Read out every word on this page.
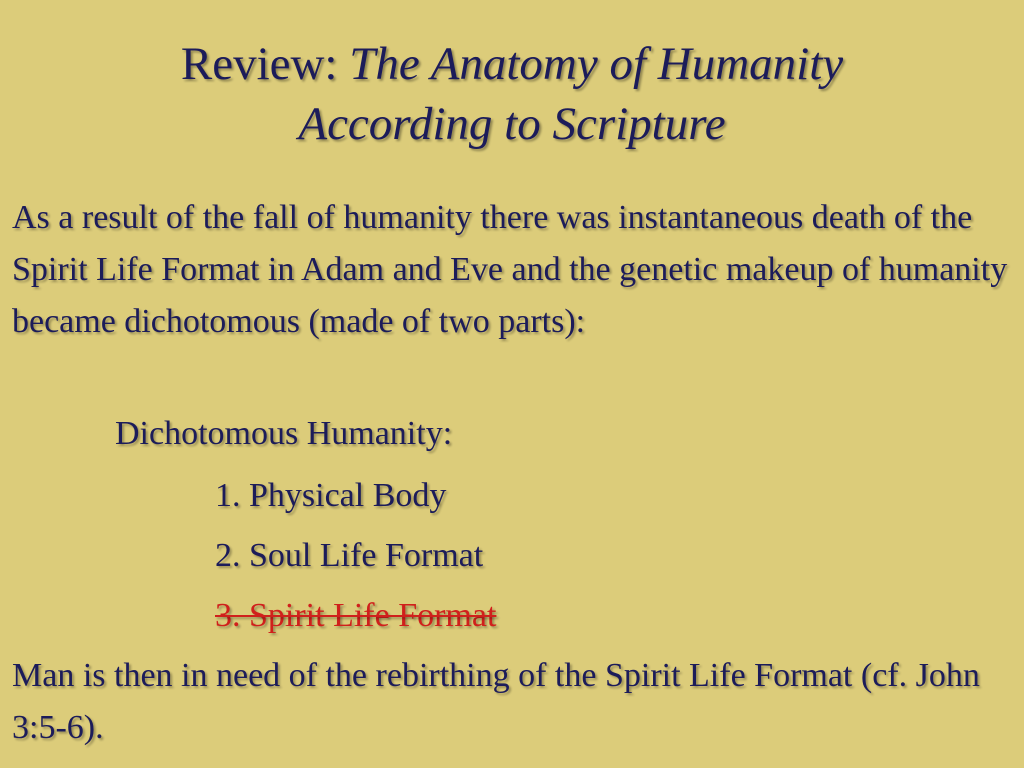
Review: The Anatomy of Humanity
According to Scripture
As a result of the fall of humanity there was instantaneous death of the Spirit Life Format in Adam and Eve and the genetic makeup of humanity became dichotomous (made of two parts):
Dichotomous Humanity:
1. Physical Body
2. Soul Life Format
3. Spirit Life Format
Man is then in need of the rebirthing of the Spirit Life Format (cf. John 3:5-6).
